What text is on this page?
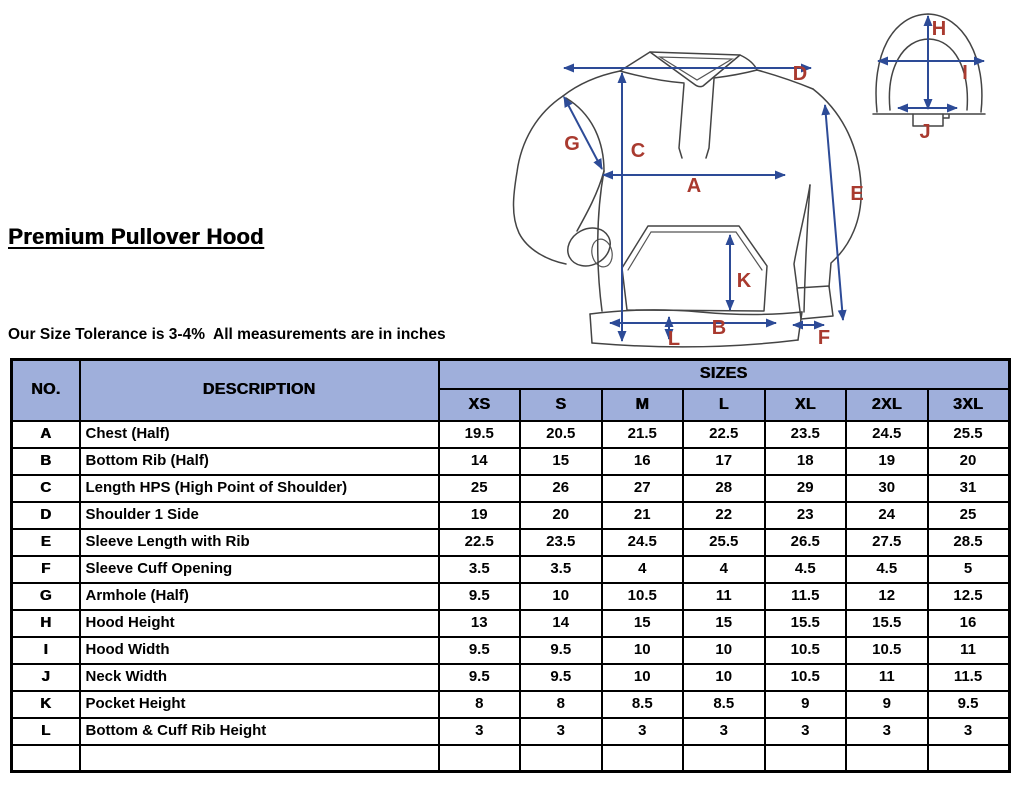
A
B
C
D
E
F
G
H
I
J
K
L
Premium Pullover Hood

Our Size Tolerance is 3-4%  All measurements are in inches

NO.	DESCRIPTION	SIZES						
		XS	S	M	L	XL	2XL	3XL
A	Chest (Half)	19.5	20.5	21.5	22.5	23.5	24.5	25.5
B	Bottom Rib (Half)	14	15	16	17	18	19	20
C	Length HPS (High Point of Shoulder)	25	26	27	28	29	30	31
D	Shoulder 1 Side	19	20	21	22	23	24	25
E	Sleeve Length with Rib	22.5	23.5	24.5	25.5	26.5	27.5	28.5
F	Sleeve Cuff Opening	3.5	3.5	4	4	4.5	4.5	5
G	Armhole (Half)	9.5	10	10.5	11	11.5	12	12.5
H	Hood Height	13	14	15	15	15.5	15.5	16
I	Hood Width	9.5	9.5	10	10	10.5	10.5	11
J	Neck Width	9.5	9.5	10	10	10.5	11	11.5
K	Pocket Height	8	8	8.5	8.5	9	9	9.5
L	Bottom & Cuff Rib Height	3	3	3	3	3	3	3
